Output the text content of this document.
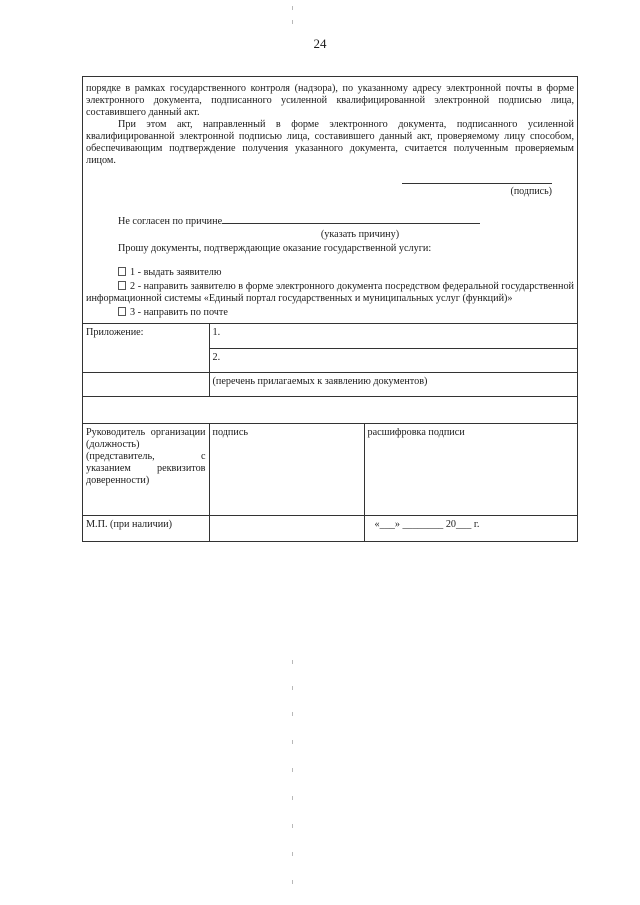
24

порядке в рамках государственного контроля (надзора), по указанному адресу электронной почты в форме электронного документа, подписанного усиленной квалифицированной электронной подписью лица, составившего данный акт.

При этом акт, направленный в форме электронного документа, подписанного усиленной квалифицированной электронной подписью лица, составившего данный акт, проверяемому лицу способом, обеспечивающим подтверждение получения указанного документа, считается полученным проверяемым лицом.

(подпись)
Не согласен по причине
(указать причину)

Прошу документы, подтверждающие оказание государственной услуги:

1 - выдать заявителю

2 - направить заявителю в форме электронного документа посредством федеральной государственной информационной системы «Единый портал государственных и муниципальных услуг (функций)»

3 - направить по почте
Приложение:	1.	
	2.	
	(перечень прилагаемых к заявлению документов)	

Руководитель организации (должность) (представитель, с указанием реквизитов доверенности)	подпись	расшифровка подписи
М.П. (при наличии)		«___» ________ 20___ г.
